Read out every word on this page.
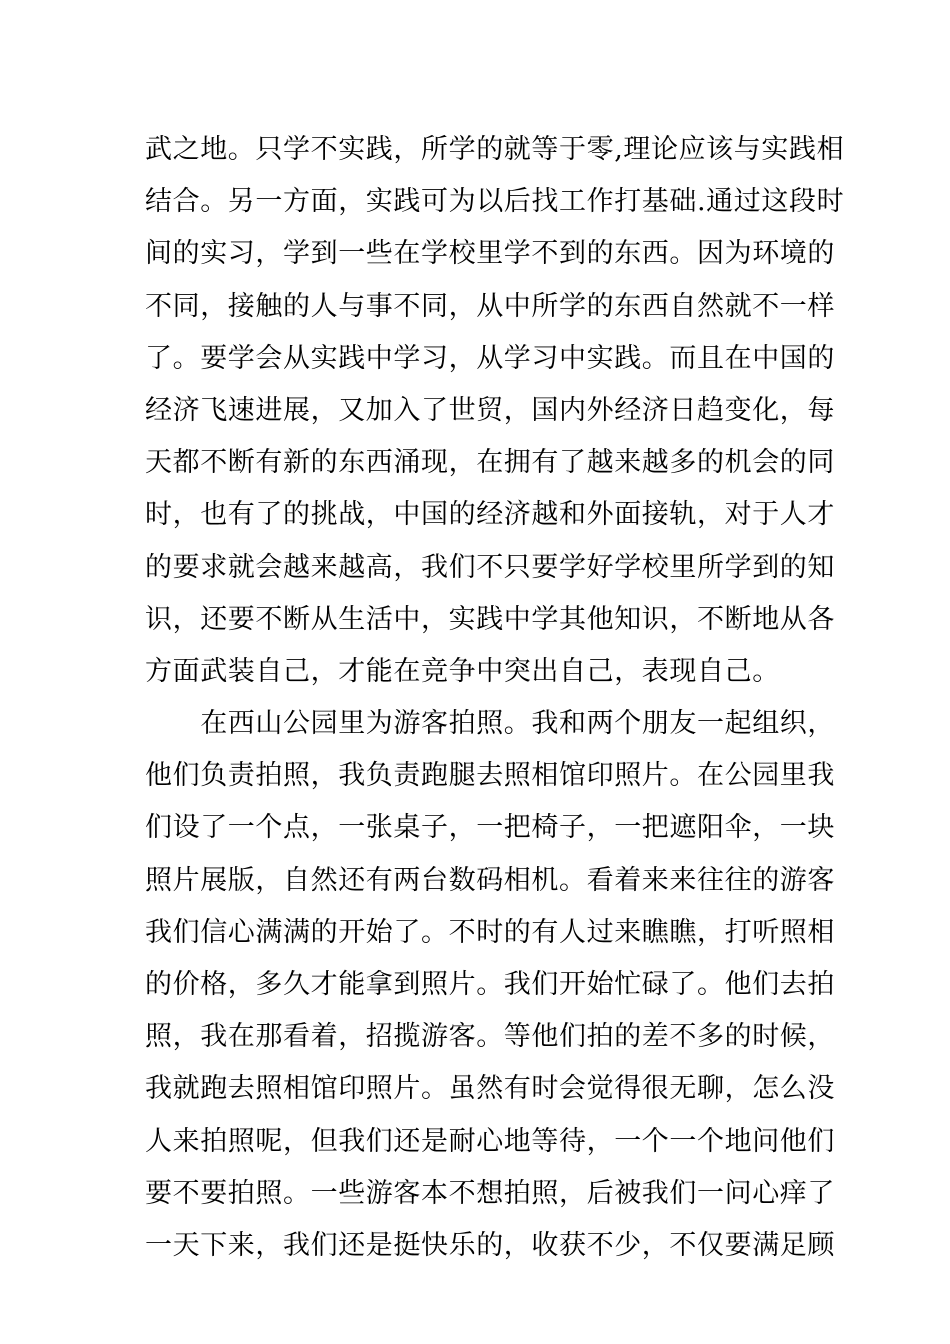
武之地。只学不实践，所学的就等于零,理论应该与实践相
结合。另一方面，实践可为以后找工作打基础.通过这段时
间的实习，学到一些在学校里学不到的东西。因为环境的
不同，接触的人与事不同，从中所学的东西自然就不一样
了。要学会从实践中学习，从学习中实践。而且在中国的
经济飞速进展，又加入了世贸，国内外经济日趋变化，每
天都不断有新的东西涌现，在拥有了越来越多的机会的同
时，也有了的挑战，中国的经济越和外面接轨，对于人才
的要求就会越来越高，我们不只要学好学校里所学到的知
识，还要不断从生活中，实践中学其他知识，不断地从各
方面武装自己，才能在竞争中突出自己，表现自己。
　　在西山公园里为游客拍照。我和两个朋友一起组织，
他们负责拍照，我负责跑腿去照相馆印照片。在公园里我
们设了一个点，一张桌子，一把椅子，一把遮阳伞，一块
照片展版，自然还有两台数码相机。看着来来往往的游客
我们信心满满的开始了。不时的有人过来瞧瞧，打听照相
的价格，多久才能拿到照片。我们开始忙碌了。他们去拍
照，我在那看着，招揽游客。等他们拍的差不多的时候，
我就跑去照相馆印照片。虽然有时会觉得很无聊，怎么没
人来拍照呢，但我们还是耐心地等待，一个一个地问他们
要不要拍照。一些游客本不想拍照，后被我们一问心痒了
一天下来，我们还是挺快乐的，收获不少，不仅要满足顾
